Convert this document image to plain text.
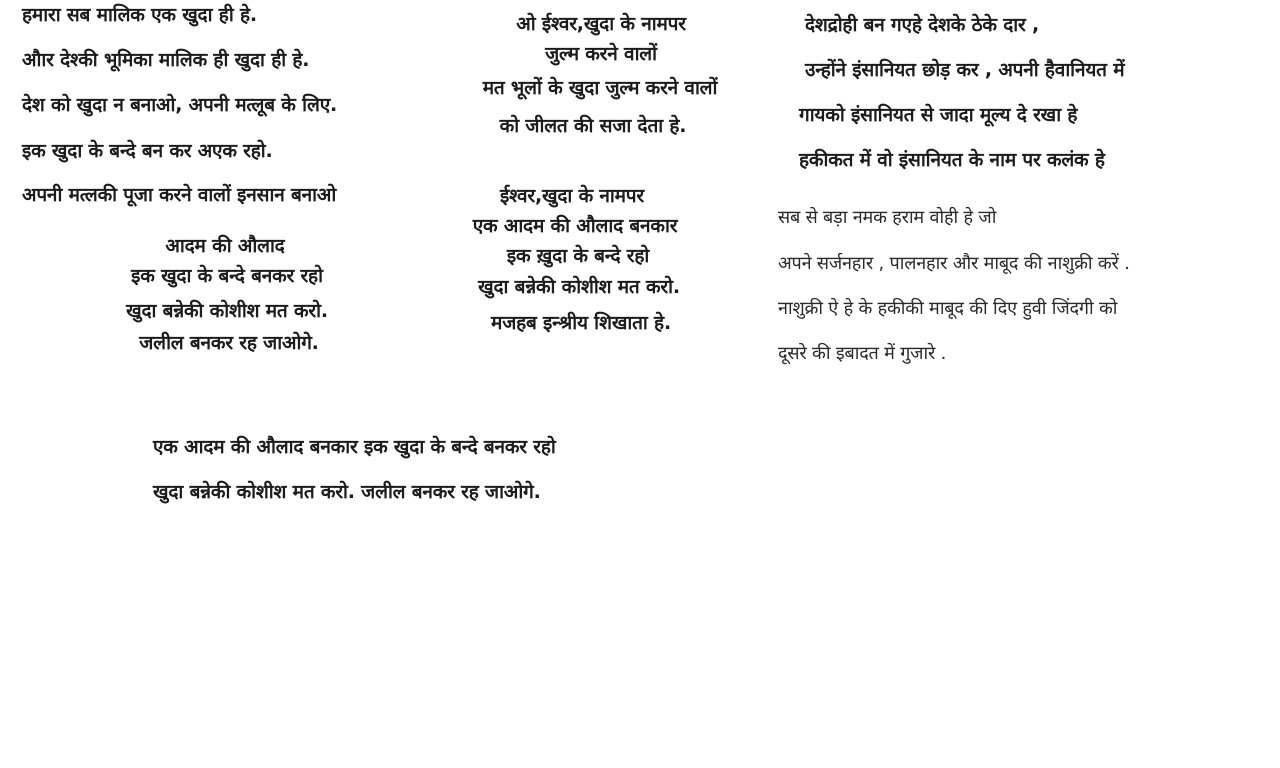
हमारा सब मालिक एक खुदा ही हे.
औार देश्की भूमिका मालिक ही खुदा ही हे.
देश को खुदा न बनाओ, अपनी मत्लूब के लिए.
इक खुदा के बन्दे बन कर अएक रहो.
अपनी मत्लकी पूजा करने वालों इनसान बनाओ
आदम की औलाद
इक खुदा के बन्दे बनकर रहो
खुदा बन्नेकी कोशीश मत करो.
जलील बनकर रह जाओगे.
ओ ईश्वर,खुदा के नामपर
जुल्म करने वालों
मत भूलों के खुदा जुल्म करने वालों
को जीलत की सजा देता हे.
ईश्वर,खुदा के नामपर
एक आदम की औलाद बनकार
इक ख़ुदा के बन्दे रहो
खुदा बन्नेकी कोशीश मत करो.
मजहब इन्श्रीय शिखाता हे.
देशद्रोही बन गएहे देशके ठेके दार ,
उन्होंने इंसानियत छोड़ कर , अपनी हैवानियत में
गायको इंसानियत से जादा मूल्य दे रखा हे
हकीकत में वो इंसानियत के नाम पर कलंक हे
सब से बड़ा नमक हराम वोही हे जो
अपने सर्जनहार , पालनहार और माबूद की नाशुक्री करें .
नाशुक्री ऐ हे के हकीकी माबूद की दिए हुवी जिंदगी को
दूसरे की इबादत में गुजारे .
एक आदम की औलाद बनकार इक खुदा के बन्दे बनकर रहो
खुदा बन्नेकी कोशीश मत करो. जलील बनकर रह जाओगे.
